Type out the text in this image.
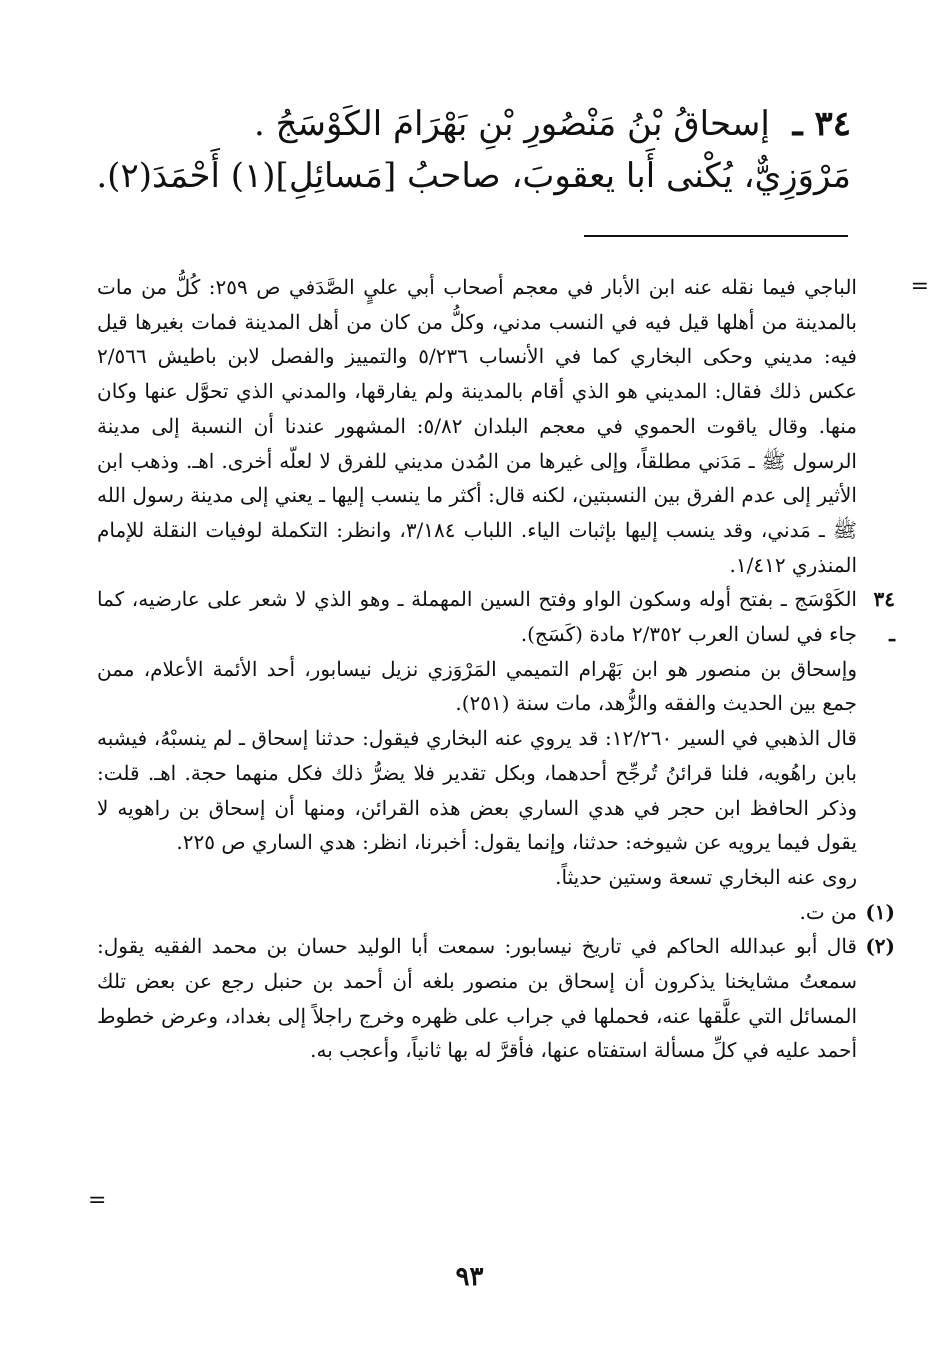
٣٤ ـ إسحاقُ بْنُ مَنْصُورِ بْنِ بَهْرَامَ الكَوْسَجُ .
مَرْوَزِيٌّ، يُكْنى أَبا يعقوبَ، صاحبُ [مَسائِلِ](١) أَحْمَدَ(٢).
=

الباجي فيما نقله عنه ابن الأبار في معجم أصحاب أبي عليٍ الصَّدَفي ص ٢٥٩: كُلُّ من مات بالمدينة من أهلها قيل فيه في النسب مدني، وكلُّ من كان من أهل المدينة فمات بغيرها قيل فيه: مديني وحكى البخاري كما في الأنساب ٥/٢٣٦ والتمييز والفصل لابن باطيش ٢/٥٦٦ عكس ذلك فقال: المديني هو الذي أقام بالمدينة ولم يفارقها، والمدني الذي تحوَّل عنها وكان منها. وقال ياقوت الحموي في معجم البلدان ٥/٨٢: المشهور عندنا أن النسبة إلى مدينة الرسول ﷺ ـ مَدَني مطلقاً، وإلى غيرها من المُدن مديني للفرق لا لعلّه أخرى. اهـ. وذهب ابن الأثير إلى عدم الفرق بين النسبتين، لكنه قال: أكثر ما ينسب إليها ـ يعني إلى مدينة رسول الله ﷺ ـ مَدني، وقد ينسب إليها بإثبات الياء. اللباب ٣/١٨٤، وانظر: التكملة لوفيات النقلة للإمام المنذري ١/٤١٢.

٣٤ ـ

الكَوْسَج ـ بفتح أوله وسكون الواو وفتح السين المهملة ـ وهو الذي لا شعر على عارضيه، كما جاء في لسان العرب ٢/٣٥٢ مادة (كَسَج).

وإسحاق بن منصور هو ابن بَهْرام التميمي المَرْوَزي نزيل نيسابور، أحد الأئمة الأعلام، ممن جمع بين الحديث والفقه والزُّهد، مات سنة (٢٥١).

قال الذهبي في السير ١٢/٢٦٠: قد يروي عنه البخاري فيقول: حدثنا إسحاق ـ لم ينسبْهُ، فيشبه بابن راهُويه، فلنا قرائنُ تُرجِّح أحدهما، وبكل تقدير فلا يضرُّ ذلك فكل منهما حجة. اهـ. قلت: وذكر الحافظ ابن حجر في هدي الساري بعض هذه القرائن، ومنها أن إسحاق بن راهويه لا يقول فيما يرويه عن شيوخه: حدثنا، وإنما يقول: أخبرنا، انظر: هدي الساري ص ٢٢٥.

روى عنه البخاري تسعة وستين حديثاً.

(١)

من ت.

(٢)

قال أبو عبدالله الحاكم في تاريخ نيسابور: سمعت أبا الوليد حسان بن محمد الفقيه يقول: سمعتُ مشايخنا يذكرون أن إسحاق بن منصور بلغه أن أحمد بن حنبل رجع عن بعض تلك المسائل التي علَّقها عنه، فحملها في جراب على ظهره وخرج راجلاً إلى بغداد، وعرض خطوط أحمد عليه في كلِّ مسألة استفتاه عنها، فأقرَّ له بها ثانياً، وأعجب به.

=
٩٣
